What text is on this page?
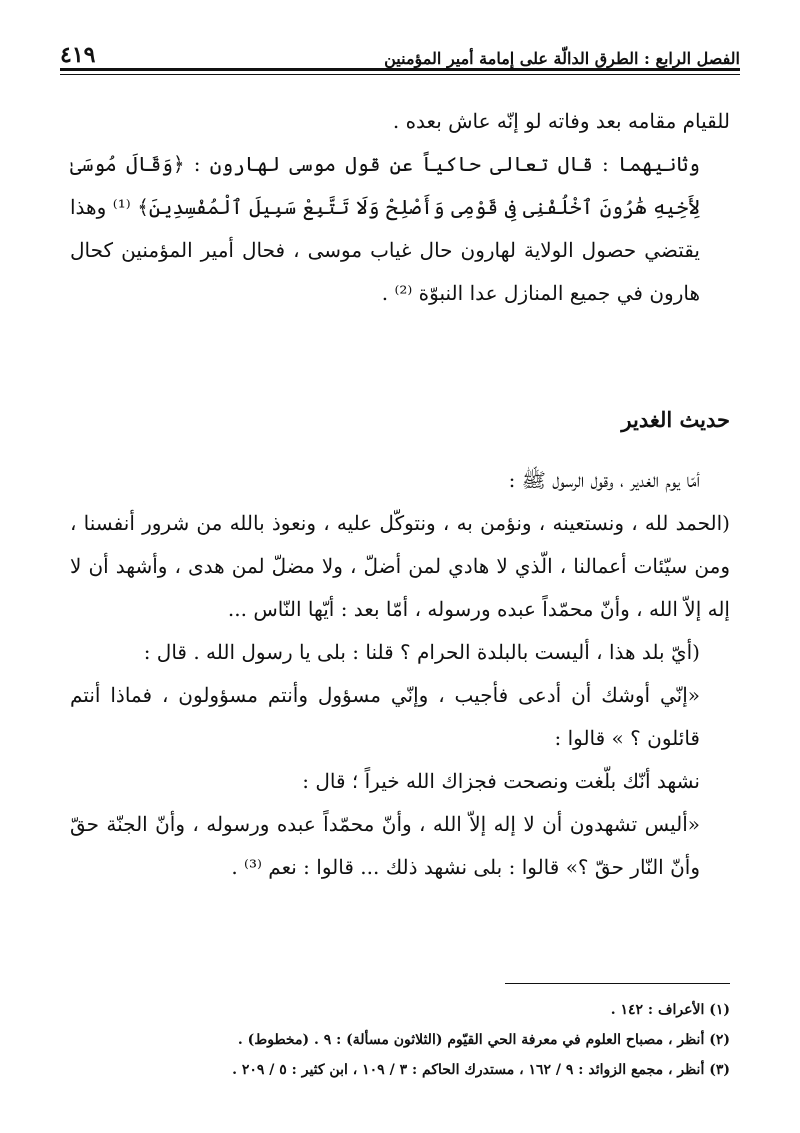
الفصل الرابع : الطرق الدالّة على إمامة أمير المؤمنين
٤١٩

للقيام مقامه بعد وفاته لو إنّه عاش بعده .

وثانيهما : قال تعالى حاكياً عن قول موسى لهارون : ﴿وَقَالَ مُوسَىٰ لِأَخِيهِ هَٰرُونَ ٱخْلُفْنِى فِى قَوْمِى وَأَصْلِحْ وَلَا تَتَّبِعْ سَبِيلَ ٱلْمُفْسِدِينَ﴾ ⁽¹⁾ وهذا يقتضي حصول الولاية لهارون حال غياب موسى ، فحال أمير المؤمنين كحال هارون في جميع المنازل عدا النبوّة ⁽²⁾ .

حديث الغدير

أمّا يوم الغدير ، وقول الرسول ﷺ :

(الحمد لله ، ونستعينه ، ونؤمن به ، ونتوكّل عليه ، ونعوذ بالله من شرور أنفسنا ، ومن سيّئات أعمالنا ، الّذي لا هادي لمن أضلّ ، ولا مضلّ لمن هدى ، وأشهد أن لا إله إلاّ الله ، وأنّ محمّداً عبده ورسوله ، أمّا بعد : أيّها النّاس ...

(أيّ بلد هذا ، أليست بالبلدة الحرام ؟ قلنا : بلى يا رسول الله . قال :

«إنّي أوشك أن أدعى فأجيب ، وإنّي مسؤول وأنتم مسؤولون ، فماذا أنتم قائلون ؟ » قالوا :

نشهد أنّك بلّغت ونصحت فجزاك الله خيراً ؛ قال :

«أليس تشهدون أن لا إله إلاّ الله ، وأنّ محمّداً عبده ورسوله ، وأنّ الجنّة حقّ وأنّ النّار حقّ ؟» قالوا : بلى نشهد ذلك ... قالوا : نعم ⁽³⁾ .

(١) الأعراف : ١٤٢ .
(٢) أنظر ، مصباح العلوم في معرفة الحي القيّوم (الثلاثون مسألة) : ٩ . (مخطوط) .
(٣) أنظر ، مجمع الزوائد : ٩ / ١٦٢ ، مستدرك الحاكم : ٣ / ١٠٩ ، ابن كثير : ٥ / ٢٠٩ .
